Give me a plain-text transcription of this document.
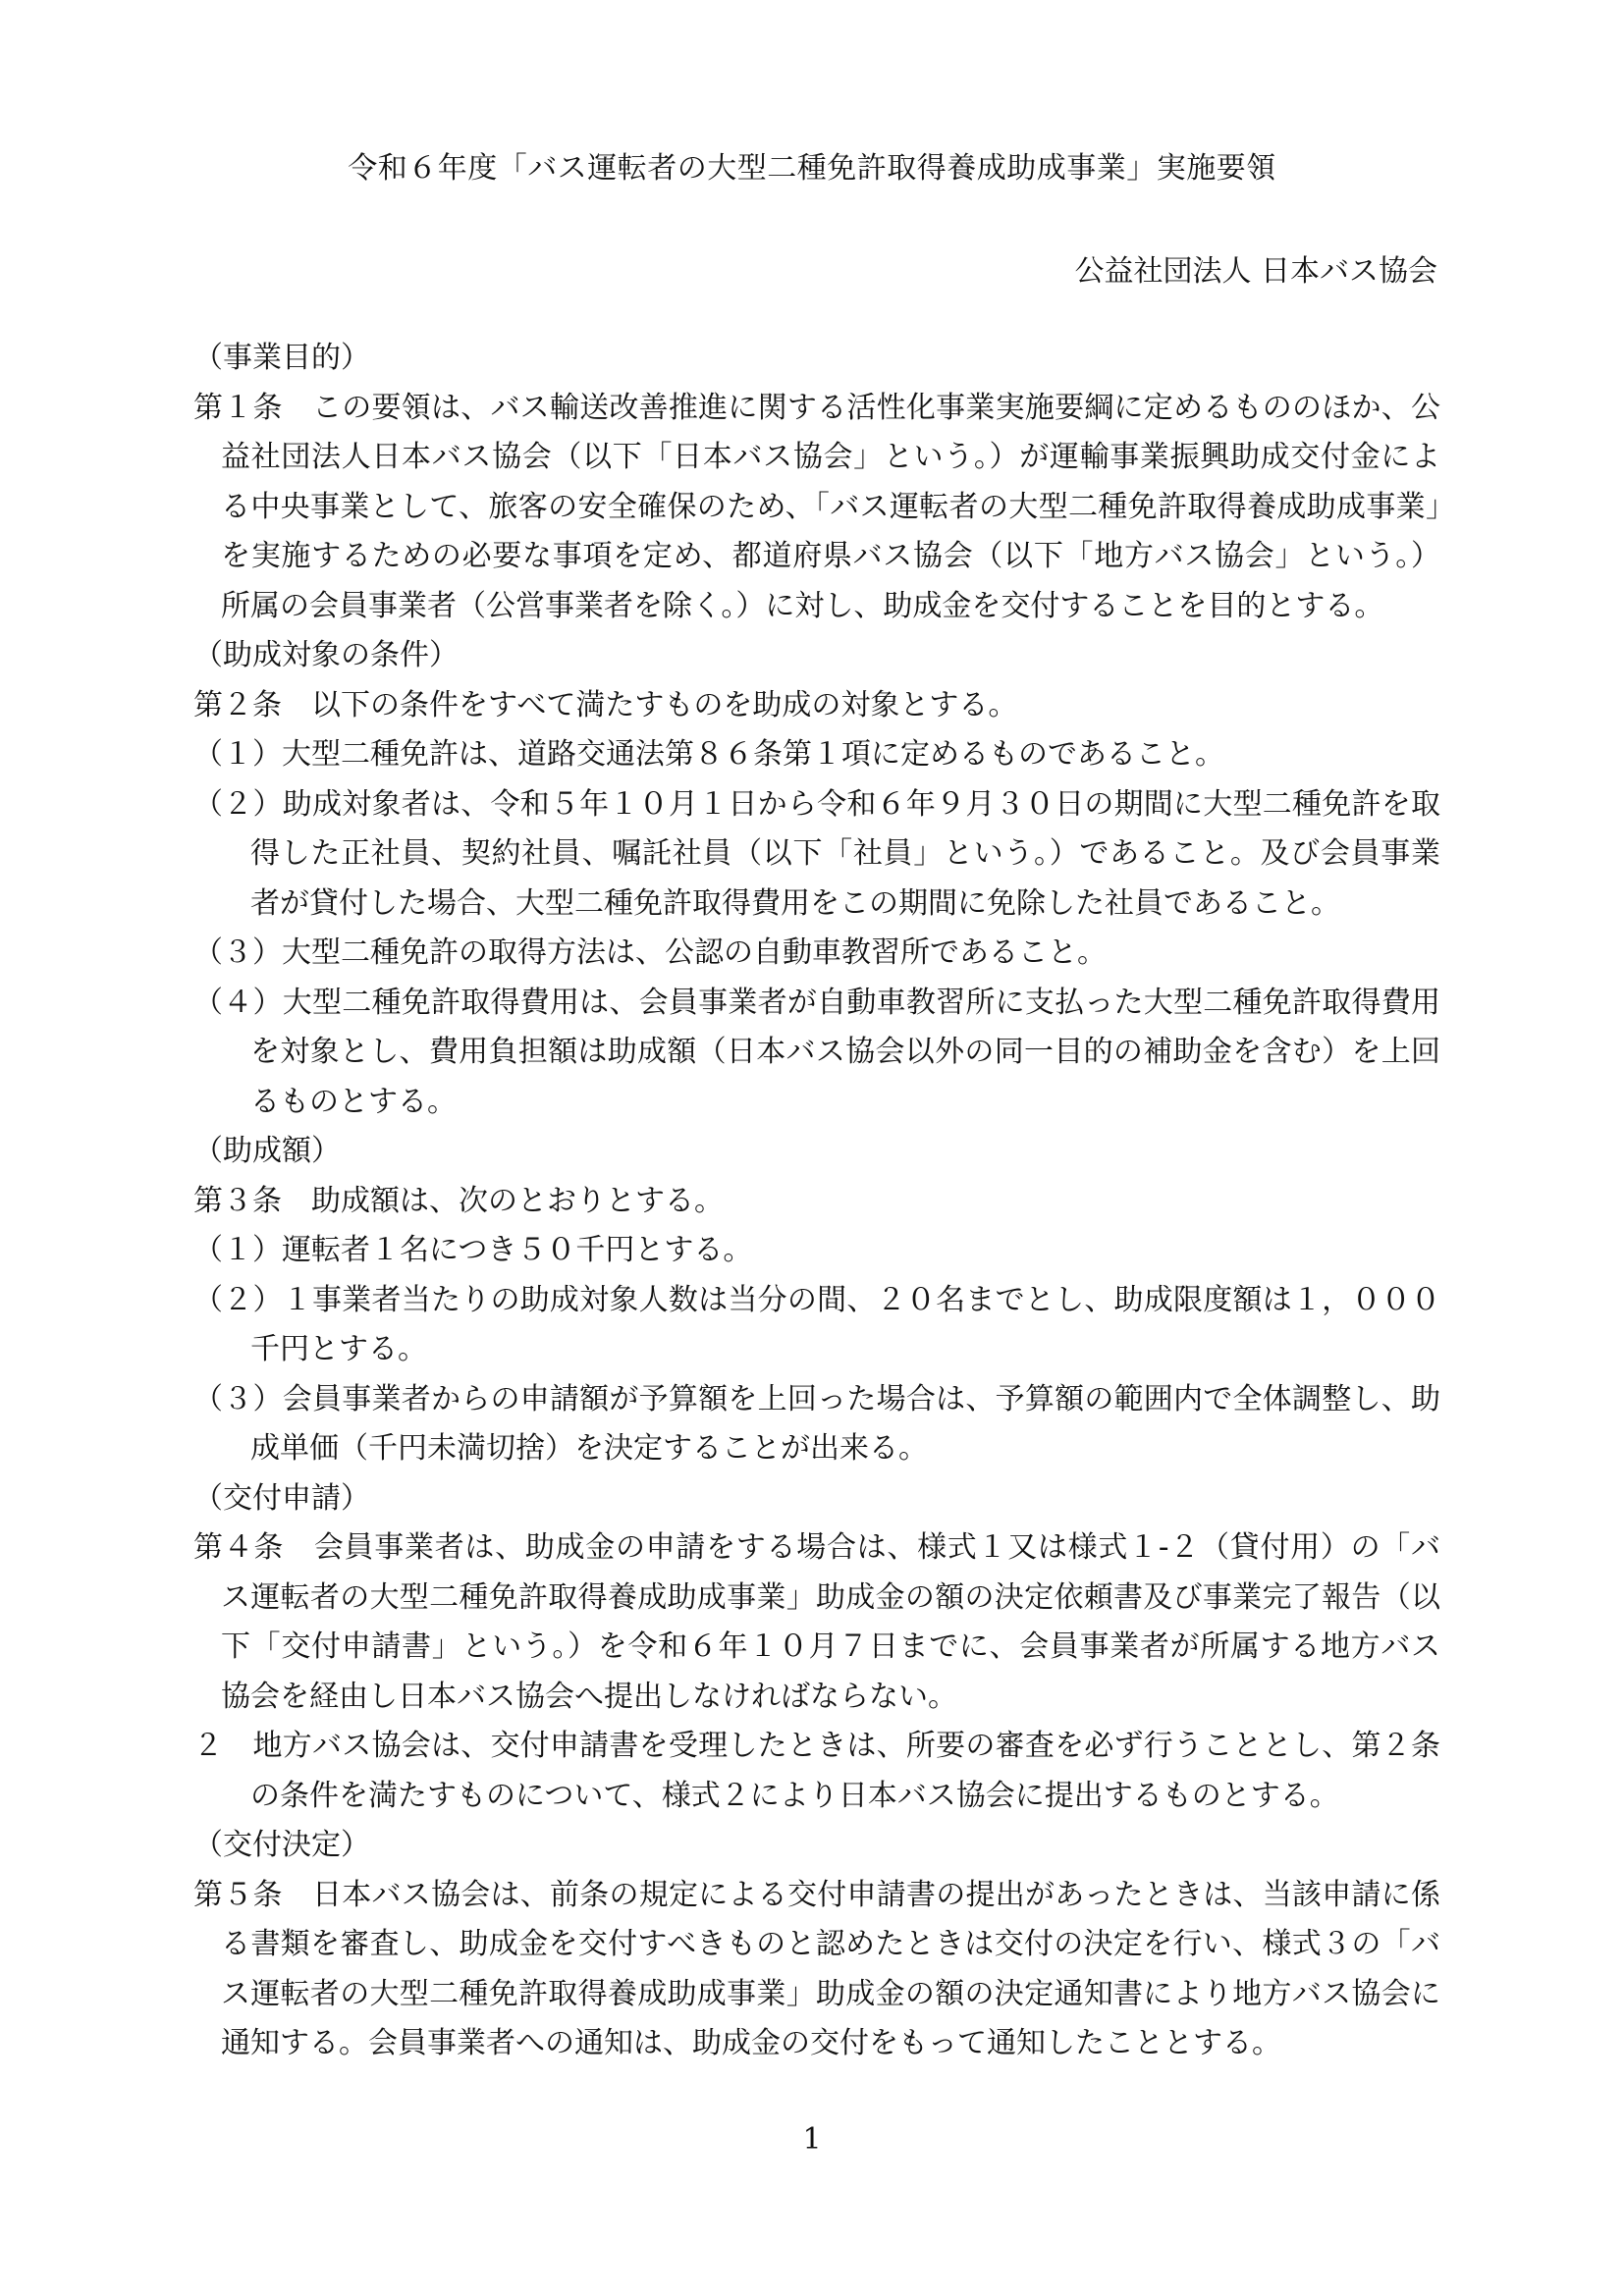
令和６年度「バス運転者の大型二種免許取得養成助成事業」実施要領

公益社団法人 日本バス協会

（事業目的）

第１条　この要領は、バス輸送改善推進に関する活性化事業実施要綱に定めるもののほか、公益社団法人日本バス協会（以下「日本バス協会」という。）が運輸事業振興助成交付金による中央事業として、旅客の安全確保のため、「バス運転者の大型二種免許取得養成助成事業」を実施するための必要な事項を定め、都道府県バス協会（以下「地方バス協会」という。）所属の会員事業者（公営事業者を除く。）に対し、助成金を交付することを目的とする。

（助成対象の条件）

第２条　以下の条件をすべて満たすものを助成の対象とする。

（１）大型二種免許は、道路交通法第８６条第１項に定めるものであること。

（２）助成対象者は、令和５年１０月１日から令和６年９月３０日の期間に大型二種免許を取得した正社員、契約社員、嘱託社員（以下「社員」という。）であること。及び会員事業者が貸付した場合、大型二種免許取得費用をこの期間に免除した社員であること。

（３）大型二種免許の取得方法は、公認の自動車教習所であること。

（４）大型二種免許取得費用は、会員事業者が自動車教習所に支払った大型二種免許取得費用を対象とし、費用負担額は助成額（日本バス協会以外の同一目的の補助金を含む）を上回るものとする。

（助成額）

第３条　助成額は、次のとおりとする。

（１）運転者１名につき５０千円とする。

（２）１事業者当たりの助成対象人数は当分の間、２０名までとし、助成限度額は１，０００千円とする。

（３）会員事業者からの申請額が予算額を上回った場合は、予算額の範囲内で全体調整し、助成単価（千円未満切捨）を決定することが出来る。

（交付申請）

第４条　会員事業者は、助成金の申請をする場合は、様式１又は様式１-２（貸付用）の「バス運転者の大型二種免許取得養成助成事業」助成金の額の決定依頼書及び事業完了報告（以下「交付申請書」という。）を令和６年１０月７日までに、会員事業者が所属する地方バス協会を経由し日本バス協会へ提出しなければならない。

２　地方バス協会は、交付申請書を受理したときは、所要の審査を必ず行うこととし、第２条の条件を満たすものについて、様式２により日本バス協会に提出するものとする。

（交付決定）

第５条　日本バス協会は、前条の規定による交付申請書の提出があったときは、当該申請に係る書類を審査し、助成金を交付すべきものと認めたときは交付の決定を行い、様式３の「バス運転者の大型二種免許取得養成助成事業」助成金の額の決定通知書により地方バス協会に通知する。会員事業者への通知は、助成金の交付をもって通知したこととする。

1
